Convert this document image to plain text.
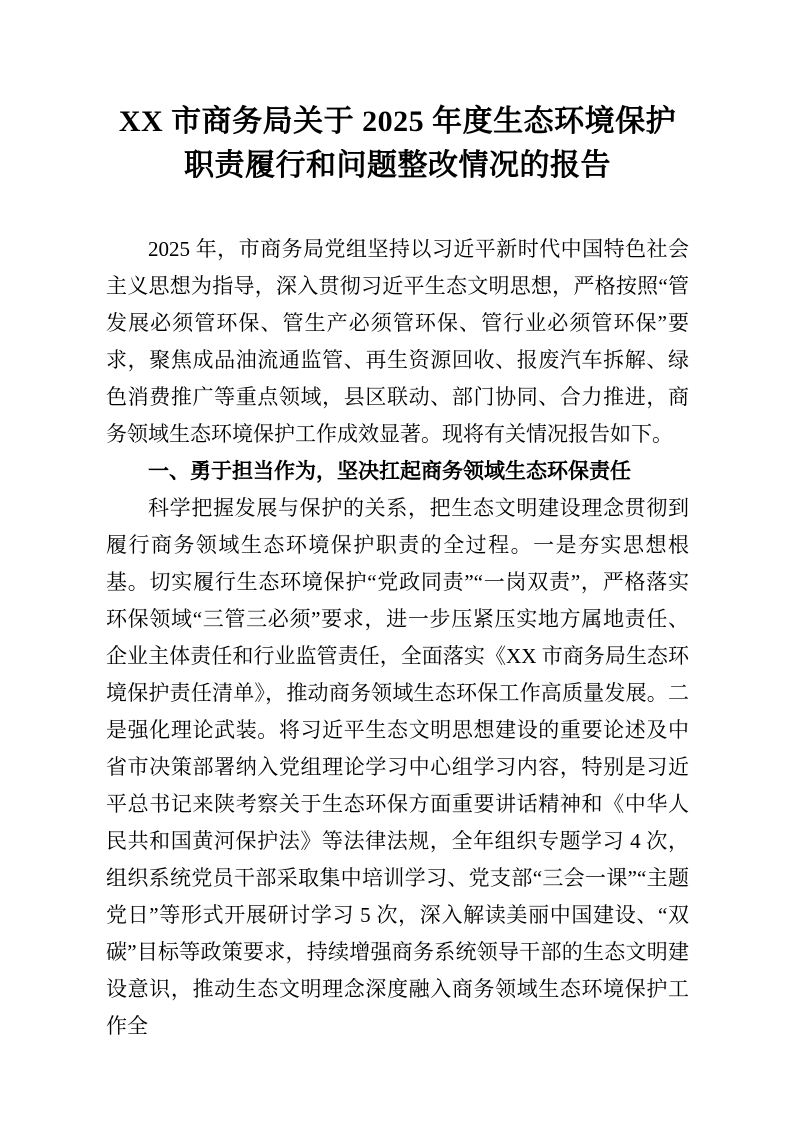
XX 市商务局关于 2025 年度生态环境保护
职责履行和问题整改情况的报告

2025 年，市商务局党组坚持以习近平新时代中国特色社会主义思想为指导，深入贯彻习近平生态文明思想，严格按照“管发展必须管环保、管生产必须管环保、管行业必须管环保”要求，聚焦成品油流通监管、再生资源回收、报废汽车拆解、绿色消费推广等重点领域，县区联动、部门协同、合力推进，商务领域生态环境保护工作成效显著。现将有关情况报告如下。

一、勇于担当作为，坚决扛起商务领域生态环保责任

科学把握发展与保护的关系，把生态文明建设理念贯彻到履行商务领域生态环境保护职责的全过程。一是夯实思想根基。切实履行生态环境保护“党政同责”“一岗双责”，严格落实环保领域“三管三必须”要求，进一步压紧压实地方属地责任、企业主体责任和行业监管责任，全面落实《XX 市商务局生态环境保护责任清单》，推动商务领域生态环保工作高质量发展。二是强化理论武装。将习近平生态文明思想建设的重要论述及中省市决策部署纳入党组理论学习中心组学习内容，特别是习近平总书记来陕考察关于生态环保方面重要讲话精神和《中华人民共和国黄河保护法》等法律法规，全年组织专题学习 4 次，组织系统党员干部采取集中培训学习、党支部“三会一课”“主题党日”等形式开展研讨学习 5 次，深入解读美丽中国建设、“双碳”目标等政策要求，持续增强商务系统领导干部的生态文明建设意识，推动生态文明理念深度融入商务领域生态环境保护工作全
